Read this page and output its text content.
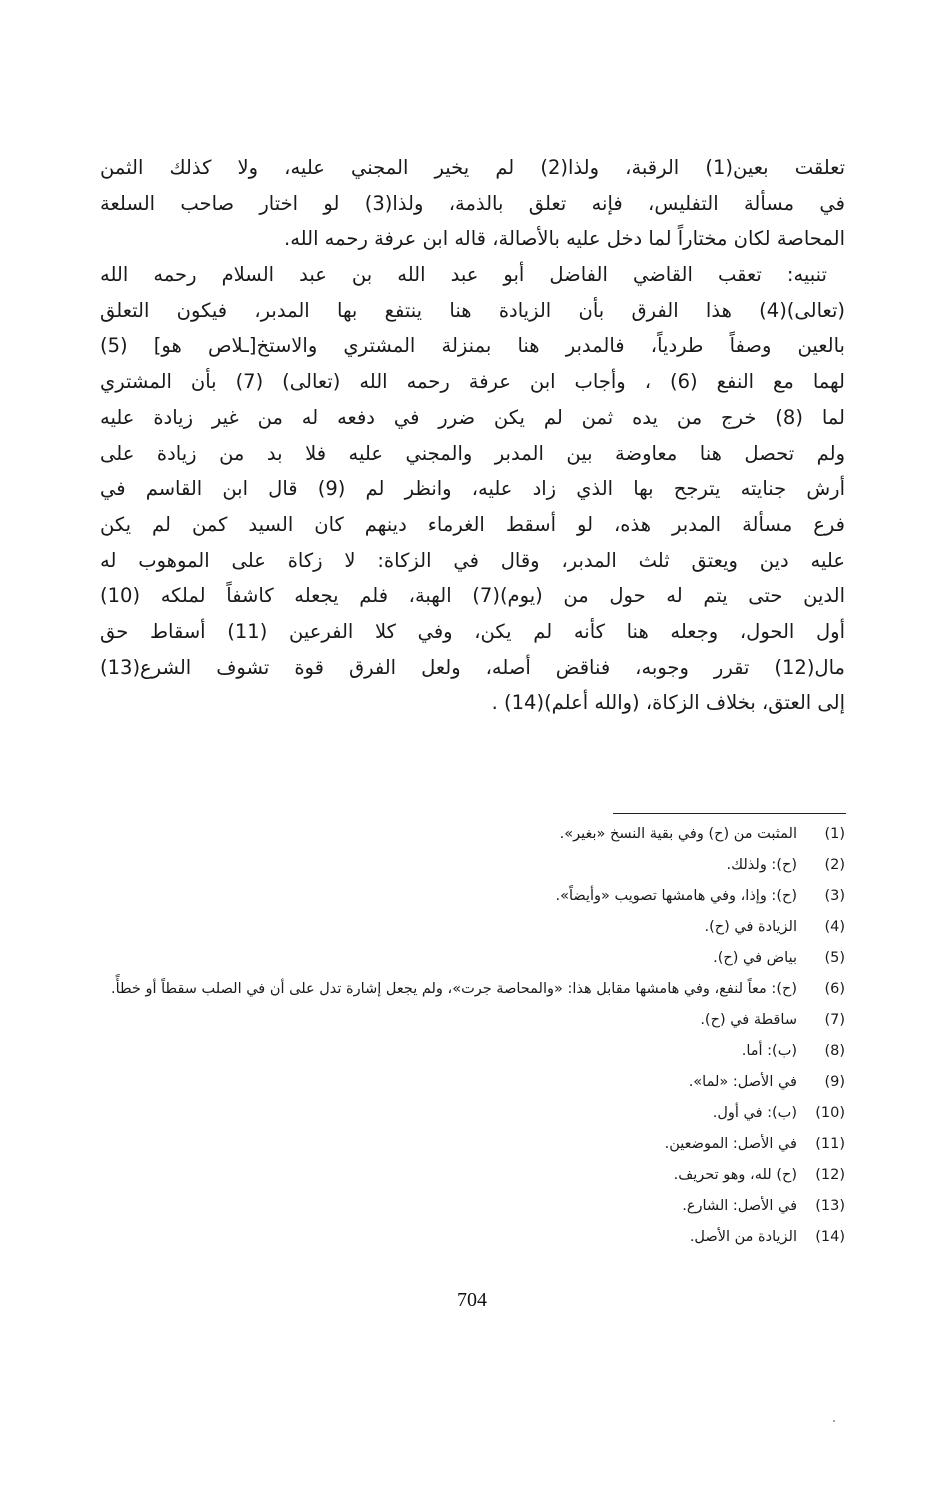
تعلقت بعين(1) الرقبة، ولذا(2) لم يخير المجني عليه، ولا كذلك الثمن
في مسألة التفليس، فإنه تعلق بالذمة، ولذا(3) لو اختار صاحب السلعة
المحاصة لكان مختاراً لما دخل عليه بالأصالة، قاله ابن عرفة رحمه الله.
تنبيه: تعقب القاضي الفاضل أبو عبد الله بن عبد السلام رحمه الله
(تعالى)(4) هذا الفرق بأن الزيادة هنا ينتفع بها المدبر، فيكون التعلق
بالعين وصفاً طردياً، فالمدبر هنا بمنزلة المشتري والاستخ[ـلاص هو] (5)
لهما مع النفع (6) ، وأجاب ابن عرفة رحمه الله (تعالى) (7) بأن المشتري
لما (8) خرج من يده ثمن لم يكن ضرر في دفعه له من غير زيادة عليه
ولم تحصل هنا معاوضة بين المدبر والمجني عليه فلا بد من زيادة على
أرش جنايته يترجح بها الذي زاد عليه، وانظر لم (9) قال ابن القاسم في
فرع مسألة المدبر هذه، لو أسقط الغرماء دينهم كان السيد كمن لم يكن
عليه دين ويعتق ثلث المدبر، وقال في الزكاة: لا زكاة على الموهوب له
الدين حتى يتم له حول من (يوم)(7) الهبة، فلم يجعله كاشفاً لملكه (10)
أول الحول، وجعله هنا كأنه لم يكن، وفي كلا الفرعين (11) أسقاط حق
مال(12) تقرر وجوبه، فناقض أصله، ولعل الفرق قوة تشوف الشرع(13)
إلى العتق، بخلاف الزكاة، (والله أعلم)(14) .
(1)
المثبت من (ح) وفي بقية النسخ «بغير».
(2)
(ح): ولذلك.
(3)
(ح): وإذا، وفي هامشها تصويب «وأيضاً».
(4)
الزيادة في (ح).
(5)
بياض في (ح).
(6)
(ح): معاً لنفع، وفي هامشها مقابل هذا: «والمحاصة جرت»، ولم يجعل إشارة تدل على أن في الصلب سقطاً أو خطأً.
(7)
ساقطة في (ح).
(8)
(ب): أما.
(9)
في الأصل: «لما».
(10)
(ب): في أول.
(11)
في الأصل: الموضعين.
(12)
(ح) لله، وهو تحريف.
(13)
في الأصل: الشارع.
(14)
الزيادة من الأصل.
704
